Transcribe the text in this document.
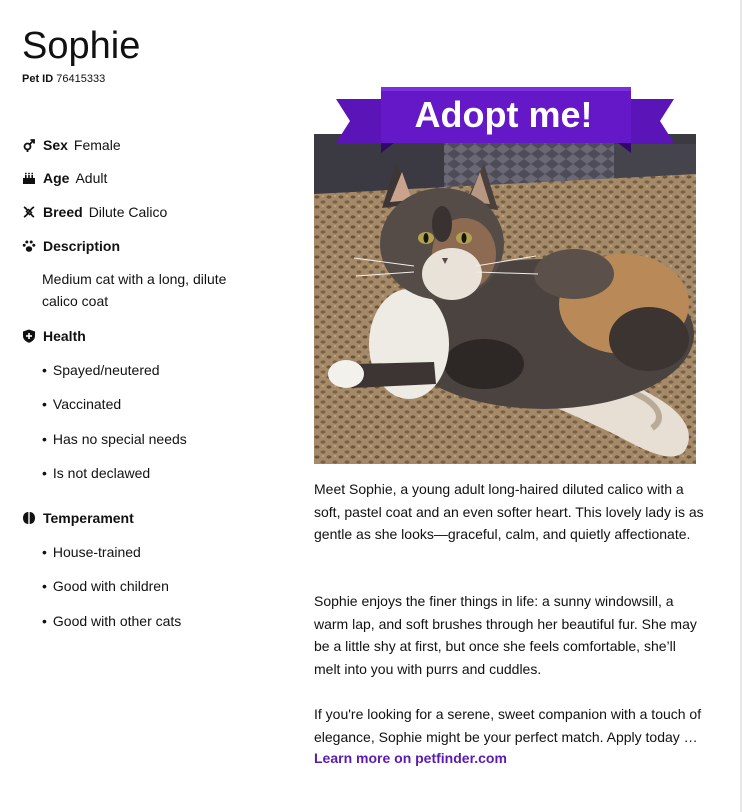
Sophie
Pet ID 76415333
Sex Female
Age Adult
Breed Dilute Calico
Description
Medium cat with a long, dilute calico coat
Health
• Spayed/neutered
• Vaccinated
• Has no special needs
• Is not declawed
Temperament
• House-trained
• Good with children
• Good with other cats
Adopt me!

Meet Sophie, a young adult long-haired diluted calico with a soft, pastel coat and an even softer heart. This lovely lady is as gentle as she looks—graceful, calm, and quietly affectionate.

Sophie enjoys the finer things in life: a sunny windowsill, a warm lap, and soft brushes through her beautiful fur. She may be a little shy at first, but once she feels comfortable, she’ll melt into you with purrs and cuddles.

If you're looking for a serene, sweet companion with a touch of elegance, Sophie might be your perfect match. Apply today …

Learn more on petfinder.com
